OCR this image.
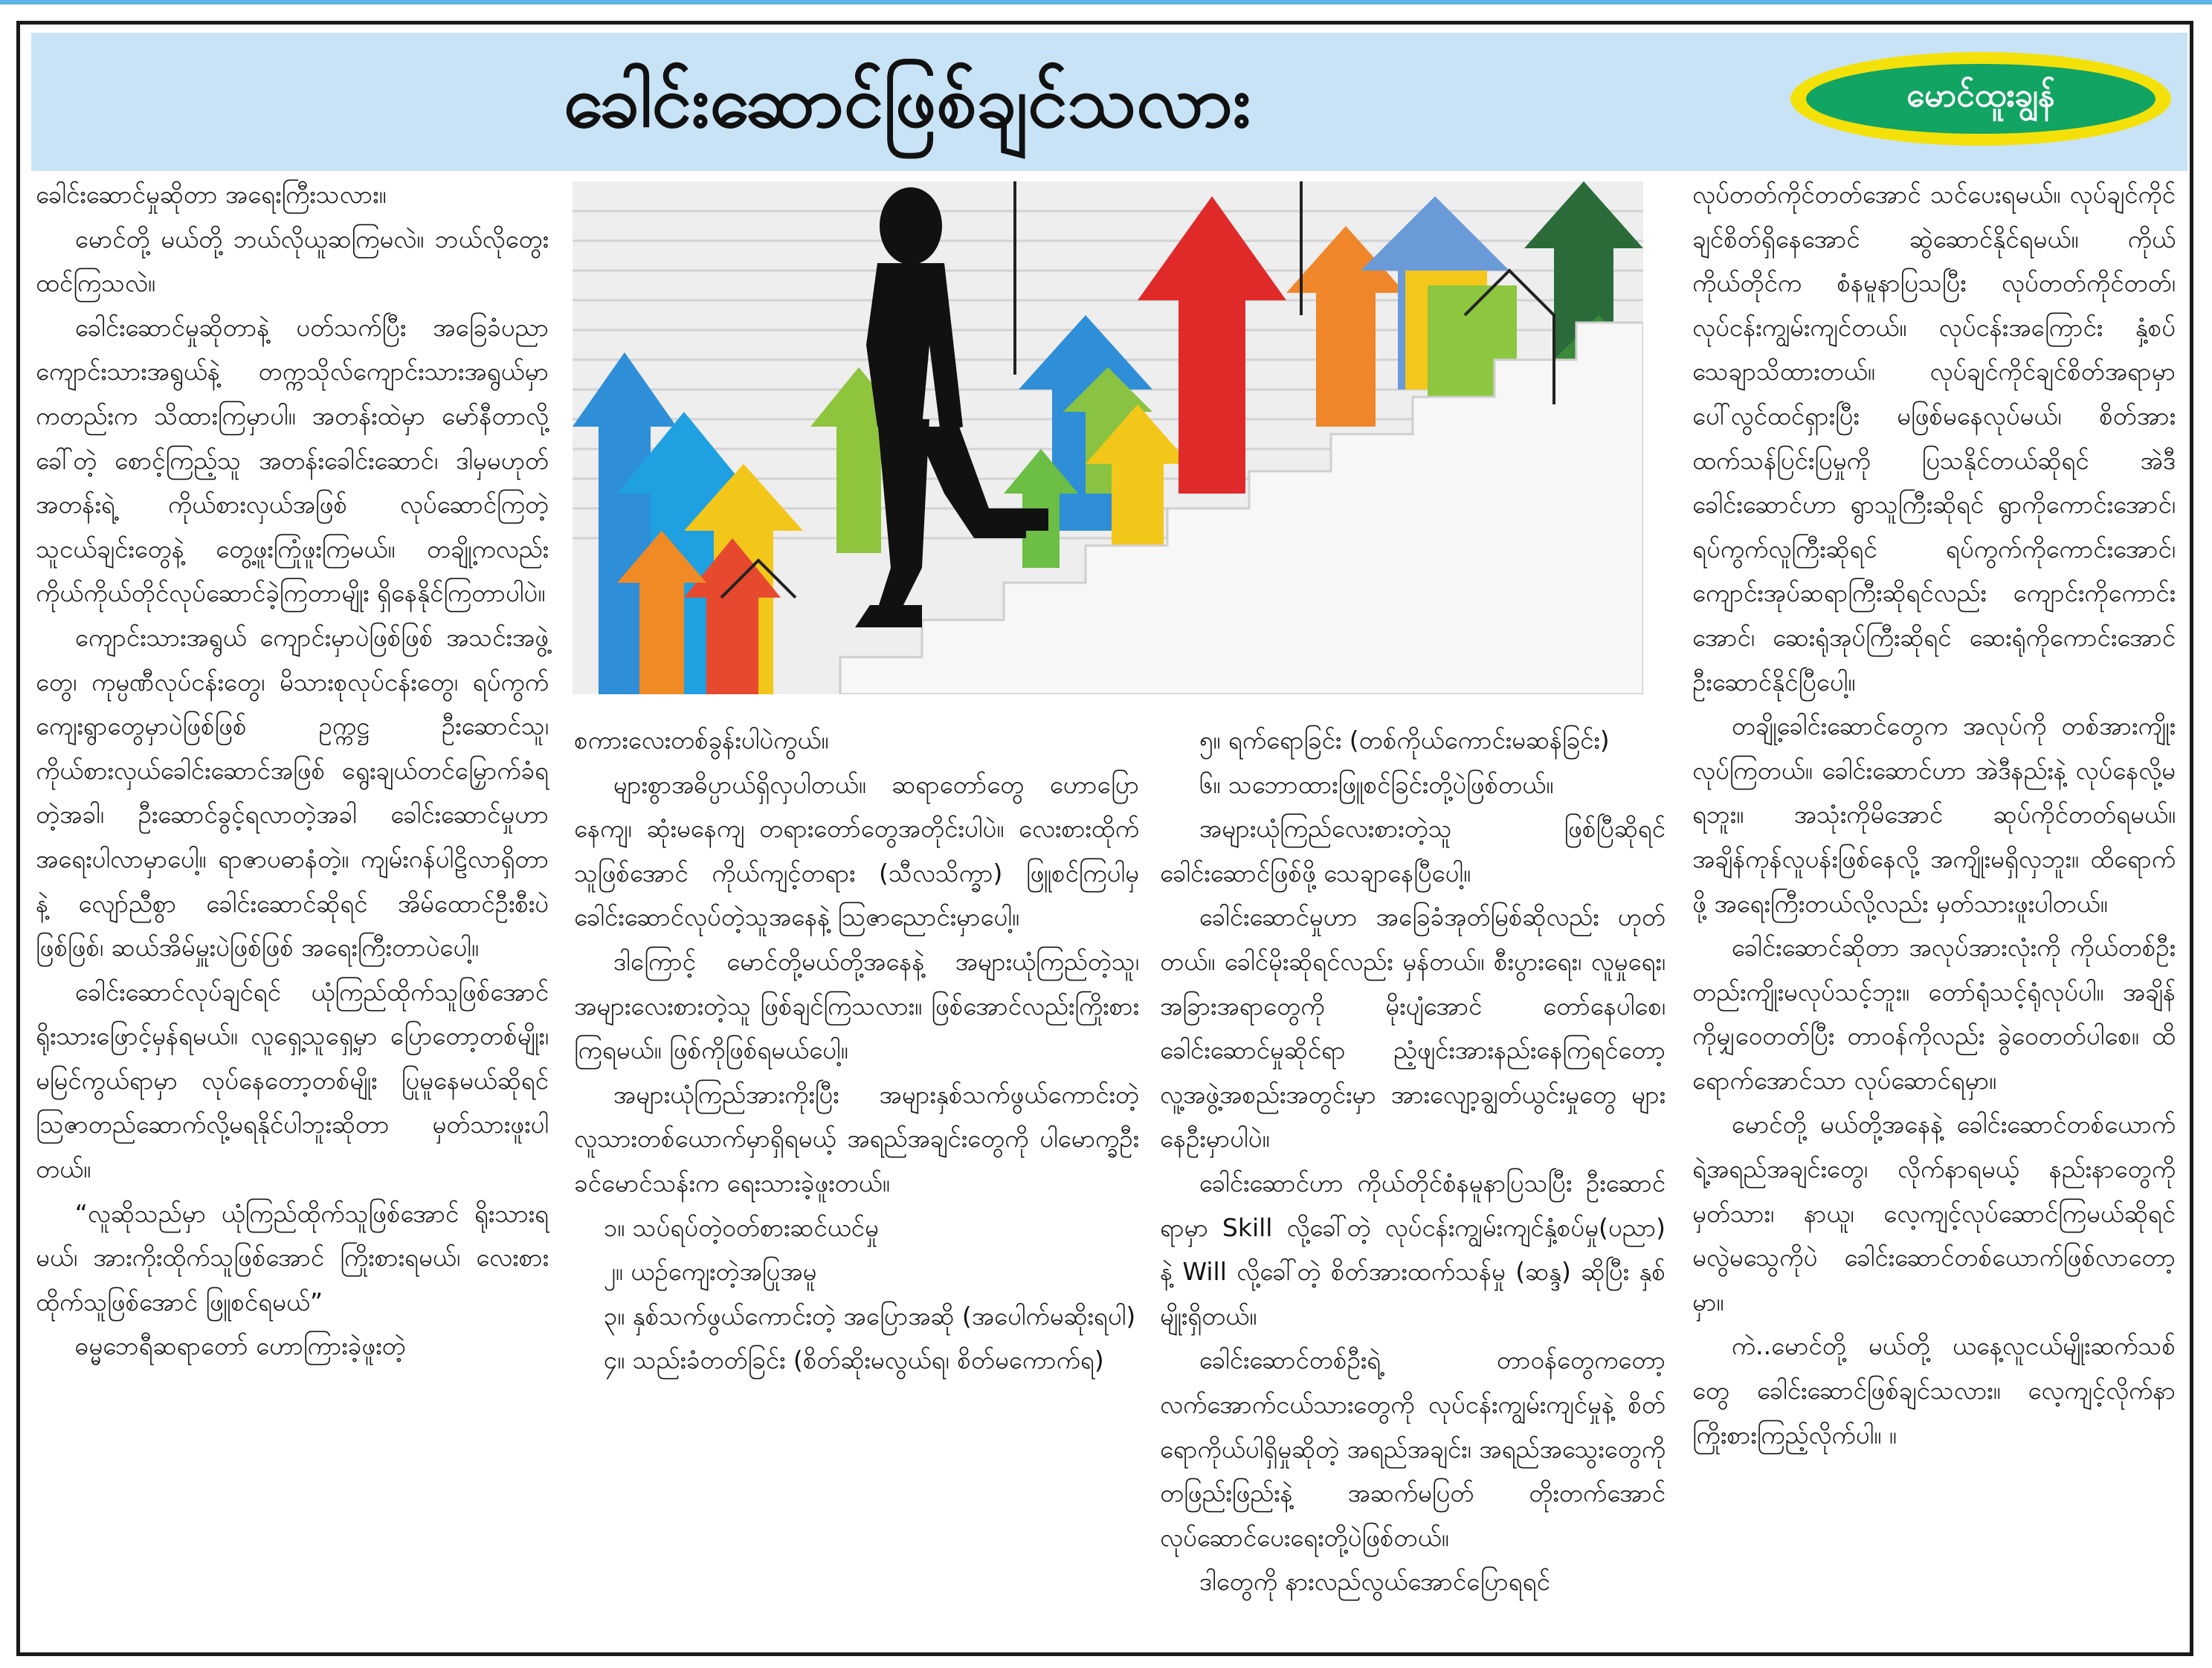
ခေါင်းဆောင်ဖြစ်ချင်သလား	မောင်ထူးချွန်

ခေါင်းဆောင်မှုဆိုတာ အရေးကြီးသလား။

မောင်တို့ မယ်တို့ ဘယ်လိုယူဆကြမလဲ။ ဘယ်လိုတွေးထင်ကြသလဲ။

ခေါင်းဆောင်မှုဆိုတာနဲ့ ပတ်သက်ပြီး အခြေခံပညာကျောင်းသားအရွယ်နဲ့ တက္ကသိုလ်ကျောင်းသားအရွယ်မှာကတည်းက သိထားကြမှာပါ။ အတန်းထဲမှာ မော်နီတာလို့ခေါ်တဲ့ စောင့်ကြည့်သူ အတန်းခေါင်းဆောင်၊ ဒါမှမဟုတ် အတန်းရဲ့ ကိုယ်စားလှယ်အဖြစ် လုပ်ဆောင်ကြတဲ့ သူငယ်ချင်းတွေနဲ့ တွေ့ဖူးကြုံဖူးကြမယ်။ တချို့ကလည်း ကိုယ်ကိုယ်တိုင်လုပ်ဆောင်ခဲ့ကြတာမျိုး ရှိနေနိုင်ကြတာပါပဲ။

ကျောင်းသားအရွယ် ကျောင်းမှာပဲဖြစ်ဖြစ် အသင်းအဖွဲ့တွေ၊ ကုမ္ပဏီလုပ်ငန်းတွေ၊ မိသားစုလုပ်ငန်းတွေ၊ ရပ်ကွက်ကျေးရွာတွေမှာပဲဖြစ်ဖြစ် ဥက္ကဋ္ဌ ဦးဆောင်သူ၊ ကိုယ်စားလှယ်ခေါင်းဆောင်အဖြစ် ရွေးချယ်တင်မြှောက်ခံရတဲ့အခါ၊ ဦးဆောင်ခွင့်ရလာတဲ့အခါ ခေါင်းဆောင်မှုဟာ အရေးပါလာမှာပေါ့။ ရာဇာပဓာနံတဲ့။ ကျမ်းဂန်ပါဠိလာရှိတာနဲ့ လျော်ညီစွာ ခေါင်းဆောင်ဆိုရင် အိမ်ထောင်ဦးစီးပဲဖြစ်ဖြစ်၊ ဆယ်အိမ်မှူးပဲဖြစ်ဖြစ် အရေးကြီးတာပဲပေါ့။

ခေါင်းဆောင်လုပ်ချင်ရင် ယုံကြည်ထိုက်သူဖြစ်အောင် ရိုးသားဖြောင့်မှန်ရမယ်။ လူရှေ့သူရှေ့မှာ ပြောတော့တစ်မျိုး၊ မမြင်ကွယ်ရာမှာ လုပ်နေတော့တစ်မျိုး ပြုမူနေမယ်ဆိုရင် သြဇာတည်ဆောက်လို့မရနိုင်ပါဘူးဆိုတာ မှတ်သားဖူးပါတယ်။

“လူဆိုသည်မှာ ယုံကြည်ထိုက်သူဖြစ်အောင် ရိုးသားရမယ်၊ အားကိုးထိုက်သူဖြစ်အောင် ကြိုးစားရမယ်၊ လေးစားထိုက်သူဖြစ်အောင် ဖြူစင်ရမယ်”

ဓမ္မဘေရီဆရာတော် ဟောကြားခဲ့ဖူးတဲ့

စကားလေးတစ်ခွန်းပါပဲကွယ်။

များစွာအဓိပ္ပာယ်ရှိလှပါတယ်။ ဆရာတော်တွေ ဟောပြောနေကျ၊ ဆုံးမနေကျ တရားတော်တွေအတိုင်းပါပဲ။ လေးစားထိုက်သူဖြစ်အောင် ကိုယ်ကျင့်တရား (သီလသိက္ခာ) ဖြူစင်ကြပါမှ ခေါင်းဆောင်လုပ်တဲ့သူအနေနဲ့ သြဇာညောင်းမှာပေါ့။

ဒါကြောင့် မောင်တို့မယ်တို့အနေနဲ့ အများယုံကြည်တဲ့သူ၊ အများလေးစားတဲ့သူ ဖြစ်ချင်ကြသလား။ ဖြစ်အောင်လည်းကြိုးစားကြရမယ်။ ဖြစ်ကိုဖြစ်ရမယ်ပေါ့။

အများယုံကြည်အားကိုးပြီး အများနှစ်သက်ဖွယ်ကောင်းတဲ့ လူသားတစ်ယောက်မှာရှိရမယ့် အရည်အချင်းတွေကို ပါမောက္ခဦးခင်မောင်သန်းက ရေးသားခဲ့ဖူးတယ်။

၁။ သပ်ရပ်တဲ့ဝတ်စားဆင်ယင်မှု

၂။ ယဉ်ကျေးတဲ့အပြုအမူ

၃။ နှစ်သက်ဖွယ်ကောင်းတဲ့ အပြောအဆို (အပေါက်မဆိုးရပါ)

၄။ သည်းခံတတ်ခြင်း (စိတ်ဆိုးမလွယ်ရ၊ စိတ်မကောက်ရ)

၅။ ရက်ရောခြင်း (တစ်ကိုယ်ကောင်းမဆန်ခြင်း)

၆။ သဘောထားဖြူစင်ခြင်းတို့ပဲဖြစ်တယ်။

အများယုံကြည်လေးစားတဲ့သူ ဖြစ်ပြီဆိုရင် ခေါင်းဆောင်ဖြစ်ဖို့ သေချာနေပြီပေါ့။

ခေါင်းဆောင်မှုဟာ အခြေခံအုတ်မြစ်ဆိုလည်း ဟုတ်တယ်။ ခေါင်မိုးဆိုရင်လည်း မှန်တယ်။ စီးပွားရေး၊ လူမှုရေး၊ အခြားအရာတွေကို မိုးပျံအောင် တော်နေပါစေ၊ ခေါင်းဆောင်မှုဆိုင်ရာ ညံ့ဖျင်းအားနည်းနေကြရင်တော့ လူ့အဖွဲ့အစည်းအတွင်းမှာ အားလျော့ချွတ်ယွင်းမှုတွေ များနေဦးမှာပါပဲ။

ခေါင်းဆောင်ဟာ ကိုယ်တိုင်စံနမူနာပြသပြီး ဦးဆောင်ရာမှာ Skill လို့ခေါ်တဲ့ လုပ်ငန်းကျွမ်းကျင်နှံ့စပ်မှု(ပညာ) နဲ့ Will လို့ခေါ်တဲ့ စိတ်အားထက်သန်မှု (ဆန္ဒ) ဆိုပြီး နှစ်မျိုးရှိတယ်။

ခေါင်းဆောင်တစ်ဦးရဲ့ တာဝန်တွေကတော့ လက်အောက်ငယ်သားတွေကို လုပ်ငန်းကျွမ်းကျင်မှုနဲ့ စိတ်ရောကိုယ်ပါရှိမှုဆိုတဲ့ အရည်အချင်း၊ အရည်အသွေးတွေကို တဖြည်းဖြည်းနဲ့ အဆက်မပြတ် တိုးတက်အောင် လုပ်ဆောင်ပေးရေးတို့ပဲဖြစ်တယ်။

ဒါတွေကို နားလည်လွယ်အောင်ပြောရရင်

လုပ်တတ်ကိုင်တတ်အောင် သင်ပေးရမယ်။ လုပ်ချင်ကိုင်ချင်စိတ်ရှိနေအောင် ဆွဲဆောင်နိုင်ရမယ်။ ကိုယ်ကိုယ်တိုင်က စံနမူနာပြသပြီး လုပ်တတ်ကိုင်တတ်၊ လုပ်ငန်းကျွမ်းကျင်တယ်။ လုပ်ငန်းအကြောင်း နှံ့စပ်သေချာသိထားတယ်။ လုပ်ချင်ကိုင်ချင်စိတ်အရာမှာ ပေါ်လွင်ထင်ရှားပြီး မဖြစ်မနေလုပ်မယ်၊ စိတ်အားထက်သန်ပြင်းပြမှုကို ပြသနိုင်တယ်ဆိုရင် အဲဒီခေါင်းဆောင်ဟာ ရွာသူကြီးဆိုရင် ရွာကိုကောင်းအောင်၊ ရပ်ကွက်လူကြီးဆိုရင် ရပ်ကွက်ကိုကောင်းအောင်၊ ကျောင်းအုပ်ဆရာကြီးဆိုရင်လည်း ကျောင်းကိုကောင်းအောင်၊ ဆေးရုံအုပ်ကြီးဆိုရင် ဆေးရုံကိုကောင်းအောင် ဦးဆောင်နိုင်ပြီပေါ့။

တချို့ခေါင်းဆောင်တွေက အလုပ်ကို တစ်အားကျိုးလုပ်ကြတယ်။ ခေါင်းဆောင်ဟာ အဲဒီနည်းနဲ့ လုပ်နေလို့မရဘူး။ အသုံးကိုမိအောင် ဆုပ်ကိုင်တတ်ရမယ်။ အချိန်ကုန်လူပန်းဖြစ်နေလို့ အကျိုးမရှိလှဘူး။ ထိရောက်ဖို့ အရေးကြီးတယ်လို့လည်း မှတ်သားဖူးပါတယ်။

ခေါင်းဆောင်ဆိုတာ အလုပ်အားလုံးကို ကိုယ်တစ်ဦးတည်းကျိုးမလုပ်သင့်ဘူး။ တော်ရုံသင့်ရုံလုပ်ပါ။ အချိန်ကိုမျှဝေတတ်ပြီး တာဝန်ကိုလည်း ခွဲဝေတတ်ပါစေ။ ထိရောက်အောင်သာ လုပ်ဆောင်ရမှာ။

မောင်တို့ မယ်တို့အနေနဲ့ ခေါင်းဆောင်တစ်ယောက်ရဲ့အရည်အချင်းတွေ၊ လိုက်နာရမယ့် နည်းနာတွေကို မှတ်သား၊ နာယူ၊ လေ့ကျင့်လုပ်ဆောင်ကြမယ်ဆိုရင် မလွဲမသွေကိုပဲ ခေါင်းဆောင်တစ်ယောက်ဖြစ်လာတော့မှာ။

ကဲ..မောင်တို့ မယ်တို့ ယနေ့လူငယ်မျိုးဆက်သစ်တွေ ခေါင်းဆောင်ဖြစ်ချင်သလား။ လေ့ကျင့်လိုက်နာ ကြိုးစားကြည့်လိုက်ပါ။ ။
